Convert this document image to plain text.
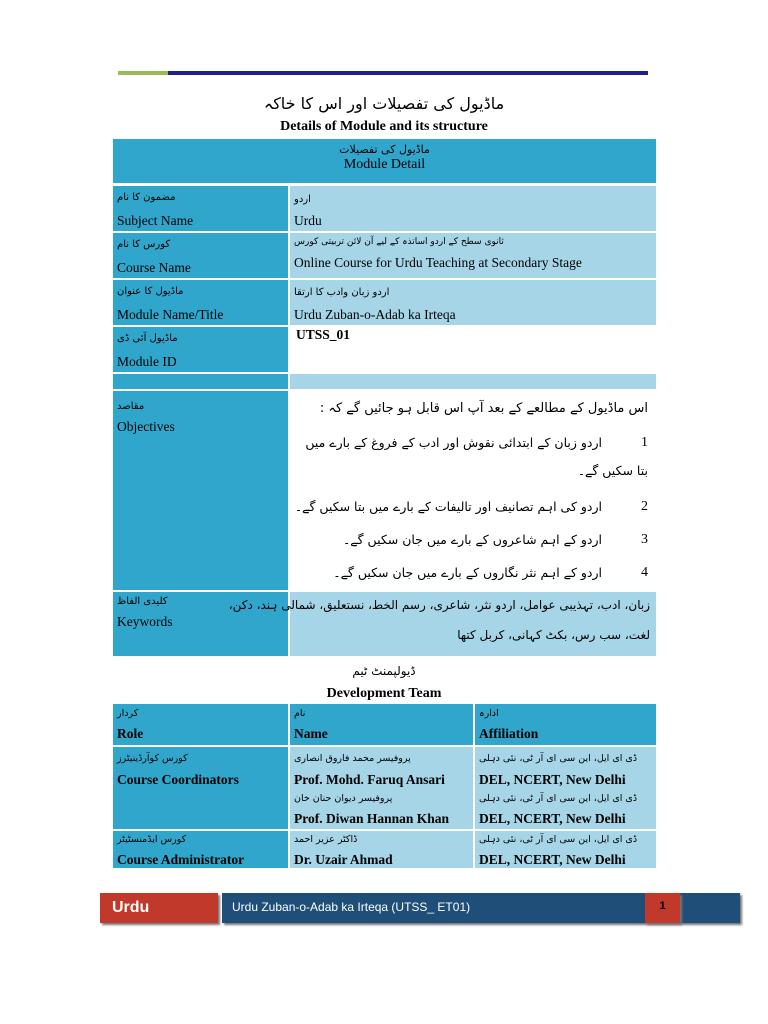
ماڈیول کی تفصیلات اور اس کا خاکہ
Details of Module and its structure
ماڈیول کی تفصیلات
Module Detail
مضمون کا نام
Subject Name
اردو
Urdu
کورس کا نام
Course Name
ثانوی سطح کے اردو اساتذہ کے لیے آن لائن تربیتی کورس
Online Course for Urdu Teaching at Secondary Stage
ماڈیول کا عنوان
Module Name/Title
اردو زبان وادب کا ارتقا
Urdu Zuban-o-Adab ka Irteqa
ماڈیول آئی ڈی
Module ID
UTSS_01
مقاصد
Objectives
اس ماڈیول کے مطالعے کے بعد آپ اس قابل ہو جائیں گے کہ :
1
اردو زبان کے ابتدائی نقوش اور ادب کے فروغ کے بارے میں
بتا سکیں گے۔
2
اردو کی اہم تصانیف اور تالیفات کے بارے میں بتا سکیں گے۔
3
اردو کے اہم شاعروں کے بارے میں جان سکیں گے۔
4
اردو کے اہم نثر نگاروں کے بارے میں جان سکیں گے۔
کلیدی الفاظ
Keywords
زبان، ادب، تہذیبی عوامل، اردو نثر، شاعری، رسم الخط، نستعلیق، شمالی ہند، دکن،
لغت، سب رس، بکٹ کہانی، کربل کتھا
ڈیولپمنٹ ٹیم
Development Team
کردار
Role
نام
Name
ادارہ
Affiliation
کورس کوآرڈینیٹرز
Course Coordinators
پروفیسر محمد فاروق انصاری
Prof. Mohd. Faruq Ansari
پروفیسر دیوان حنان خان
Prof. Diwan Hannan Khan
ڈی ای ایل، این سی ای آر ٹی، نئی دہلی
DEL, NCERT, New Delhi
ڈی ای ایل، این سی ای آر ٹی، نئی دہلی
DEL, NCERT, New Delhi
کورس ایڈمنسٹیٹر
Course Administrator
ڈاکٹر عزیر احمد
Dr. Uzair Ahmad
ڈی ای ایل، این سی ای آر ٹی، نئی دہلی
DEL, NCERT, New Delhi
Urdu	Urdu Zuban-o-Adab ka Irteqa (UTSS_ ET01)	1
